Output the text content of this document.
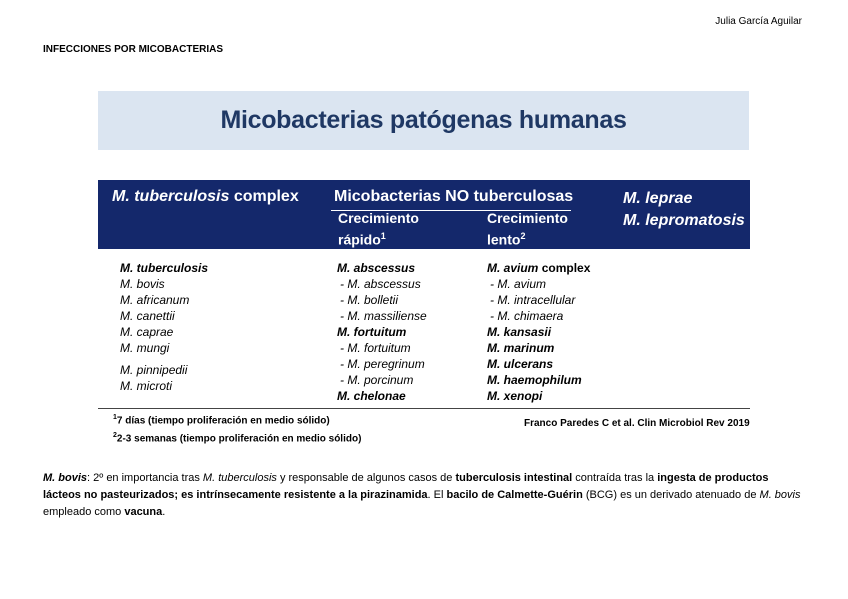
Julia García Aguilar
INFECCIONES POR MICOBACTERIAS
Micobacterias patógenas humanas
M. tuberculosis complex Micobacterias NO tuberculosas
Crecimiento
rápido$^1$
Crecimiento
lento$^2$
M. leprae
M. lepromatosis
M. tuberculosis
M. bovis
M. africanum
M. canettii
M. caprae
M. mungi
M. pinnipedii
M. microti
M. abscessus
- M. abscessus
- M. bolletii
- M. massiliense
M. fortuitum
- M. fortuitum
- M. peregrinum
- M. porcinum
M. chelonae
M. avium complex
- M. avium
- M. intracellular
- M. chimaera
M. kansasii
M. marinum
M. ulcerans
M. haemophilum
M. xenopi
$^1$7 días (tiempo proliferación en medio sólido)
$^2$2-3 semanas (tiempo proliferación en medio sólido)
Franco Paredes C et al. Clin Microbiol Rev 2019
M. bovis: 2º en importancia tras M. tuberculosis y responsable de algunos casos de tuberculosis intestinal contraída tras la ingesta de productos lácteos no pasteurizados; es intrínsecamente resistente a la pirazinamida. El bacilo de Calmette-Guérin (BCG) es un derivado atenuado de M. bovis empleado como vacuna.
